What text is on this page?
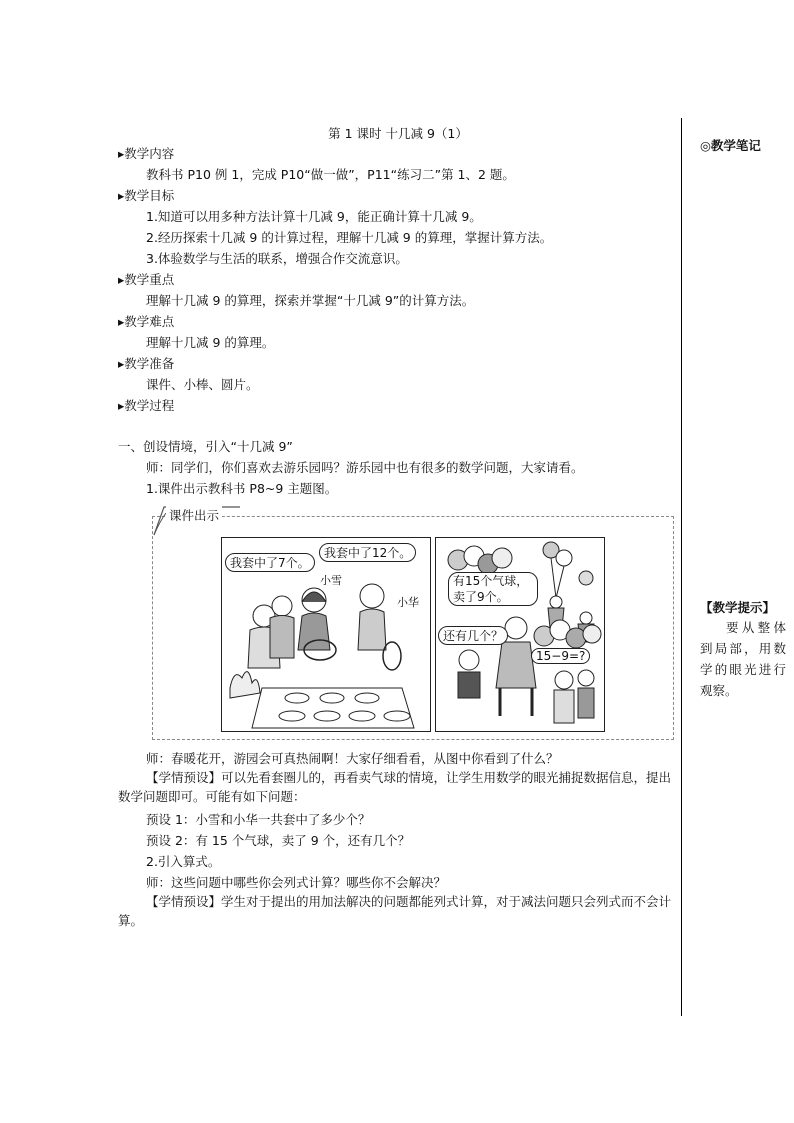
第 1 课时 十几减 9（1）
▸教学内容
教科书 P10 例 1，完成 P10“做一做”，P11“练习二”第 1、2 题。
▸教学目标
1.知道可以用多种方法计算十几减 9，能正确计算十几减 9。
2.经历探索十几减 9 的计算过程，理解十几减 9 的算理，掌握计算方法。
3.体验数学与生活的联系，增强合作交流意识。
▸教学重点
理解十几减 9 的算理，探索并掌握“十几减 9”的计算方法。
▸教学难点
理解十几减 9 的算理。
▸教学准备
课件、小棒、圆片。
▸教学过程
一、创设情境，引入“十几减 9”
师：同学们，你们喜欢去游乐园吗？游乐园中也有很多的数学问题，大家请看。
1.课件出示教科书 P8~9 主题图。
课件出示
我套中了7个。
我套中了12个。
小雪
小华
有15个气球，卖了9个。
还有几个？
15−9=?
师：春暖花开，游园会可真热闹啊！大家仔细看看，从图中你看到了什么？
【学情预设】可以先看套圈儿的，再看卖气球的情境，让学生用数学的眼光捕捉数据信息，提出数学问题即可。可能有如下问题：
预设 1：小雪和小华一共套中了多少个？
预设 2：有 15 个气球，卖了 9 个，还有几个？
2.引入算式。
师：这些问题中哪些你会列式计算？哪些你不会解决？
【学情预设】学生对于提出的用加法解决的问题都能列式计算，对于减法问题只会列式而不会计算。
◎教学笔记
【教学提示】
要从整体到局部，用数学的眼光进行观察。
